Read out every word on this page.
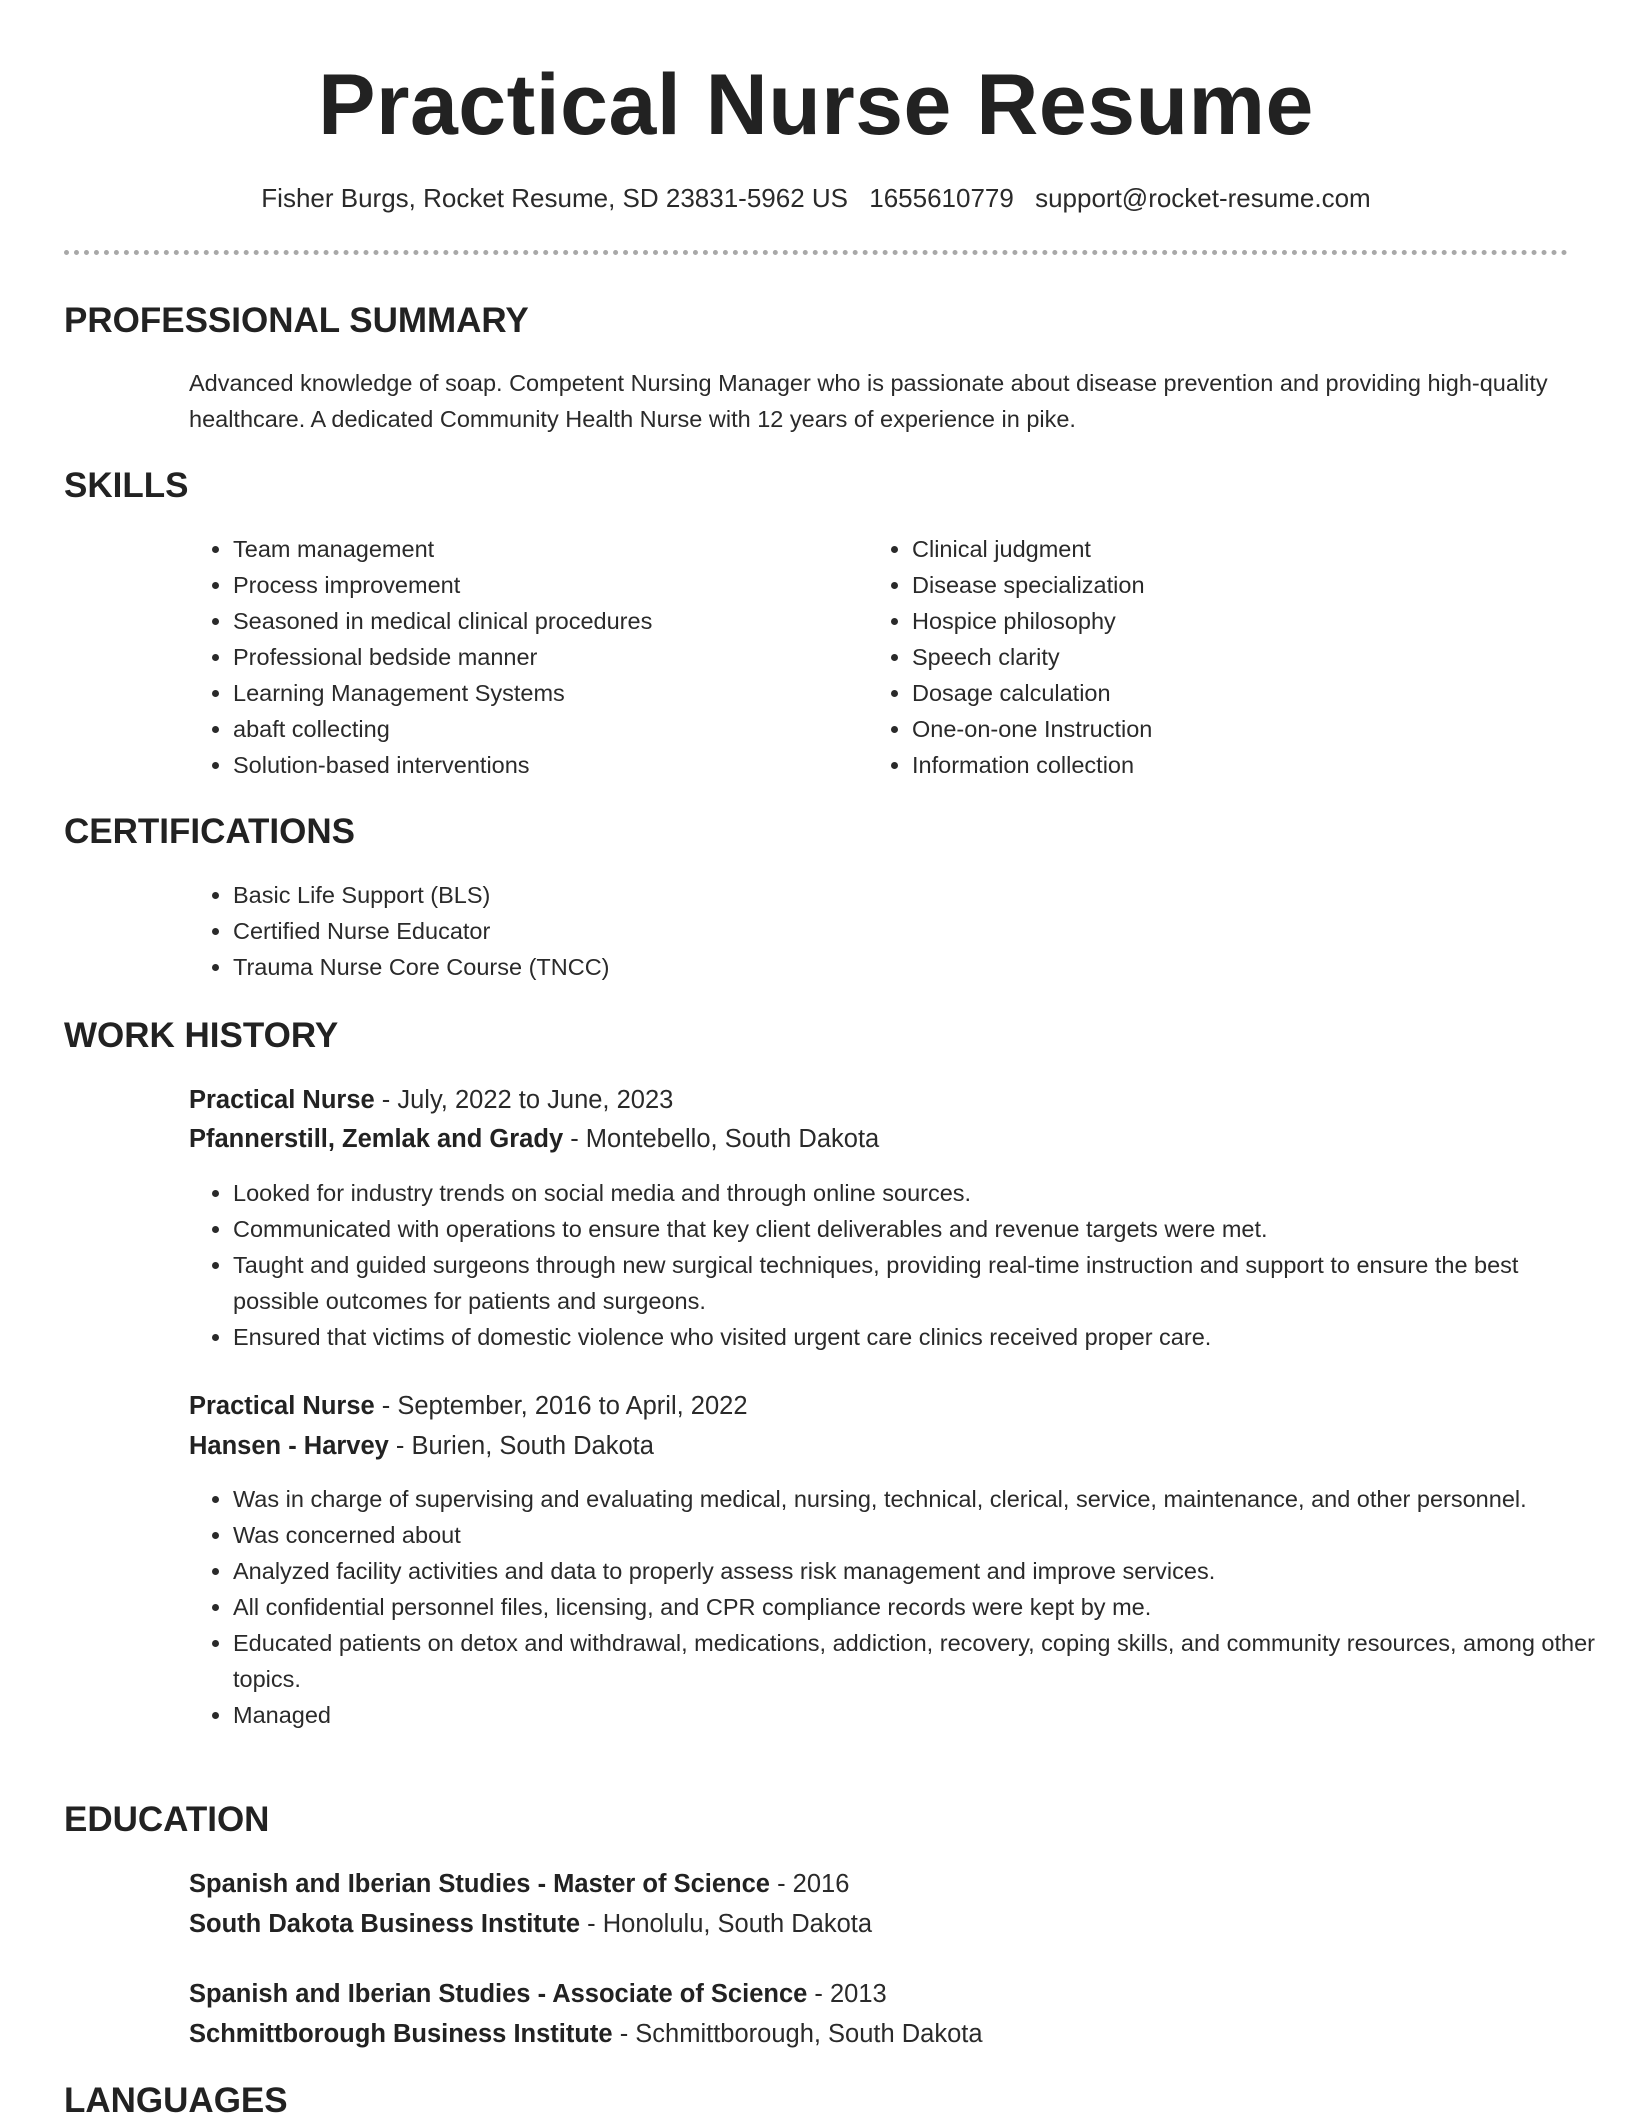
Practical Nurse Resume
Fisher Burgs, Rocket Resume, SD 23831-5962 US 1655610779 support@rocket-resume.com
PROFESSIONAL SUMMARY

Advanced knowledge of soap. Competent Nursing Manager who is passionate about disease prevention and providing high-quality healthcare. A dedicated Community Health Nurse with 12 years of experience in pike.

SKILLS
• Team management
• Process improvement
• Seasoned in medical clinical procedures
• Professional bedside manner
• Learning Management Systems
• abaft collecting
• Solution-based interventions
• Clinical judgment
• Disease specialization
• Hospice philosophy
• Speech clarity
• Dosage calculation
• One-on-one Instruction
• Information collection
CERTIFICATIONS
• Basic Life Support (BLS)
• Certified Nurse Educator
• Trauma Nurse Core Course (TNCC)
WORK HISTORY
Practical Nurse - July, 2022 to June, 2023
Pfannerstill, Zemlak and Grady - Montebello, South Dakota
• Looked for industry trends on social media and through online sources.
• Communicated with operations to ensure that key client deliverables and revenue targets were met.
• Taught and guided surgeons through new surgical techniques, providing real-time instruction and support to ensure the best possible outcomes for patients and surgeons.
• Ensured that victims of domestic violence who visited urgent care clinics received proper care.
Practical Nurse - September, 2016 to April, 2022
Hansen - Harvey - Burien, South Dakota
• Was in charge of supervising and evaluating medical, nursing, technical, clerical, service, maintenance, and other personnel.
• Was concerned about
• Analyzed facility activities and data to properly assess risk management and improve services.
• All confidential personnel files, licensing, and CPR compliance records were kept by me.
• Educated patients on detox and withdrawal, medications, addiction, recovery, coping skills, and community resources, among other topics.
• Managed
EDUCATION
Spanish and Iberian Studies - Master of Science - 2016
South Dakota Business Institute - Honolulu, South Dakota
Spanish and Iberian Studies - Associate of Science - 2013
Schmittborough Business Institute - Schmittborough, South Dakota
LANGUAGES
